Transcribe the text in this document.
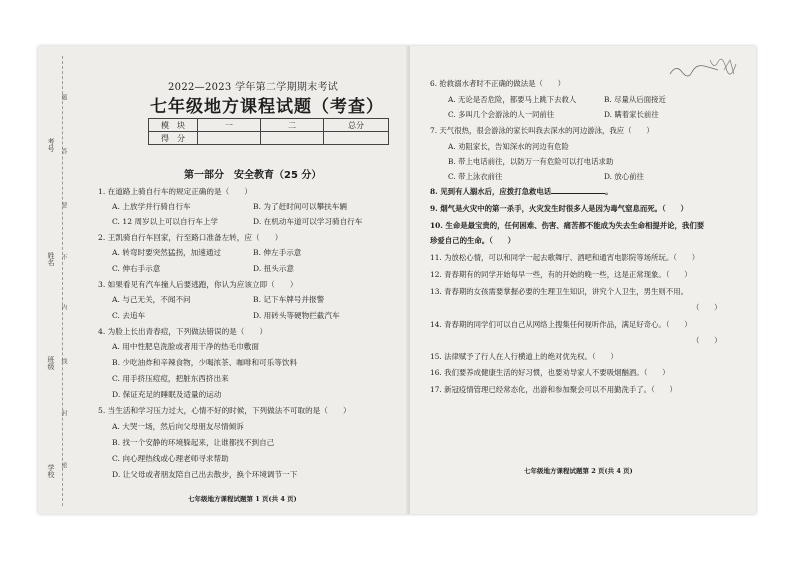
考号
姓名
班级
学校
题
答
要
不
内
线
封
密
2022—2023 学年第二学期期末考试
七年级地方课程试题（考查）
模　块	一	二	总分
得　分			
第一部分　安全教育（25 分）
1. 在道路上骑自行车的规定正确的是（　　）
A. 上放学并行骑自行车	B. 为了赶时间可以攀扶车辆
C. 12 周岁以上可以自行车上学	D. 在机动车道可以学习骑自行车
2. 王凯骑自行车回家，行至路口准备左转，应（　　）
A. 转弯时要突然猛拐，加速通过	B. 伸左手示意
C. 伸右手示意	D. 扭头示意
3. 如果看见有汽车撞人后要逃跑，你认为应该立即（　　）
A. 与己无关，不闻不问	B. 记下车牌号并报警
C. 去追车	D. 用砖头等硬物拦截汽车
4. 为脸上长出青春痘，下列做法错误的是（　　）
A. 用中性肥皂洗脸或者用干净的热毛巾敷面
B. 少吃油炸和辛辣食物，少喝浓茶、咖啡和可乐等饮料
C. 用手挤压痘痘，把脏东西挤出来
D. 保证充足的睡眠及适量的运动
5. 当生活和学习压力过大，心情不好的时候，下列做法不可取的是（　　）
A. 大哭一场，然后向父母朋友尽情倾诉
B. 找一个安静的环境躲起来，让谁都找不到自己
C. 向心理热线或心理老师寻求帮助
D. 让父母或者朋友陪自己出去散步，换个环境调节一下
七年级地方课程试题第 1 页(共 4 页)
6. 抢救溺水者时不正确的做法是（　　）
A. 无论是否危险，都要马上跳下去救人	B. 尽量从后面接近
C. 多叫几个会游泳的人一同前往	D. 瞒着家长前往
7. 天气很热，很会游泳的家长叫我去深水的河边游泳，我应（　　）
A. 劝阻家长，告知深水的河边有危险
B. 带上电话前往，以防万一有危险可以打电话求助
C. 带上泳衣前往	D. 放心前往
8. 见到有人溺水后，应拨打急救电话	。
9. 烟气是火灾中的第一杀手，火灾发生时很多人是因为毒气窒息而死。（　　）
10. 生命是最宝贵的，任何困难、伤害、痛苦都不能成为失去生命相提并论，我们要
珍爱自己的生命。（　　）
11. 为放松心情，可以和同学一起去歌舞厅、酒吧和通宵电影院等场所玩。（　　）
12. 青春期有的同学开始每早一些，有的开始的晚一些，这是正常现象。（　　）
13. 青春期的女孩需要掌握必要的生理卫生知识，讲究个人卫生，男生则不用。
（　　）
14. 青春期的同学们可以自己从网络上搜集任何视听作品，满足好奇心。（　　）
（　　）
15. 法律赋予了行人在人行横道上的绝对优先权。（　　）
16. 我们要养成健康生活的好习惯，也要劝导家人不要吸烟酗酒。（　　）
17. 新冠疫情管理已经常态化，出游和参加聚会可以不用勤洗手了。（　　）
七年级地方课程试题第 2 页(共 4 页)
